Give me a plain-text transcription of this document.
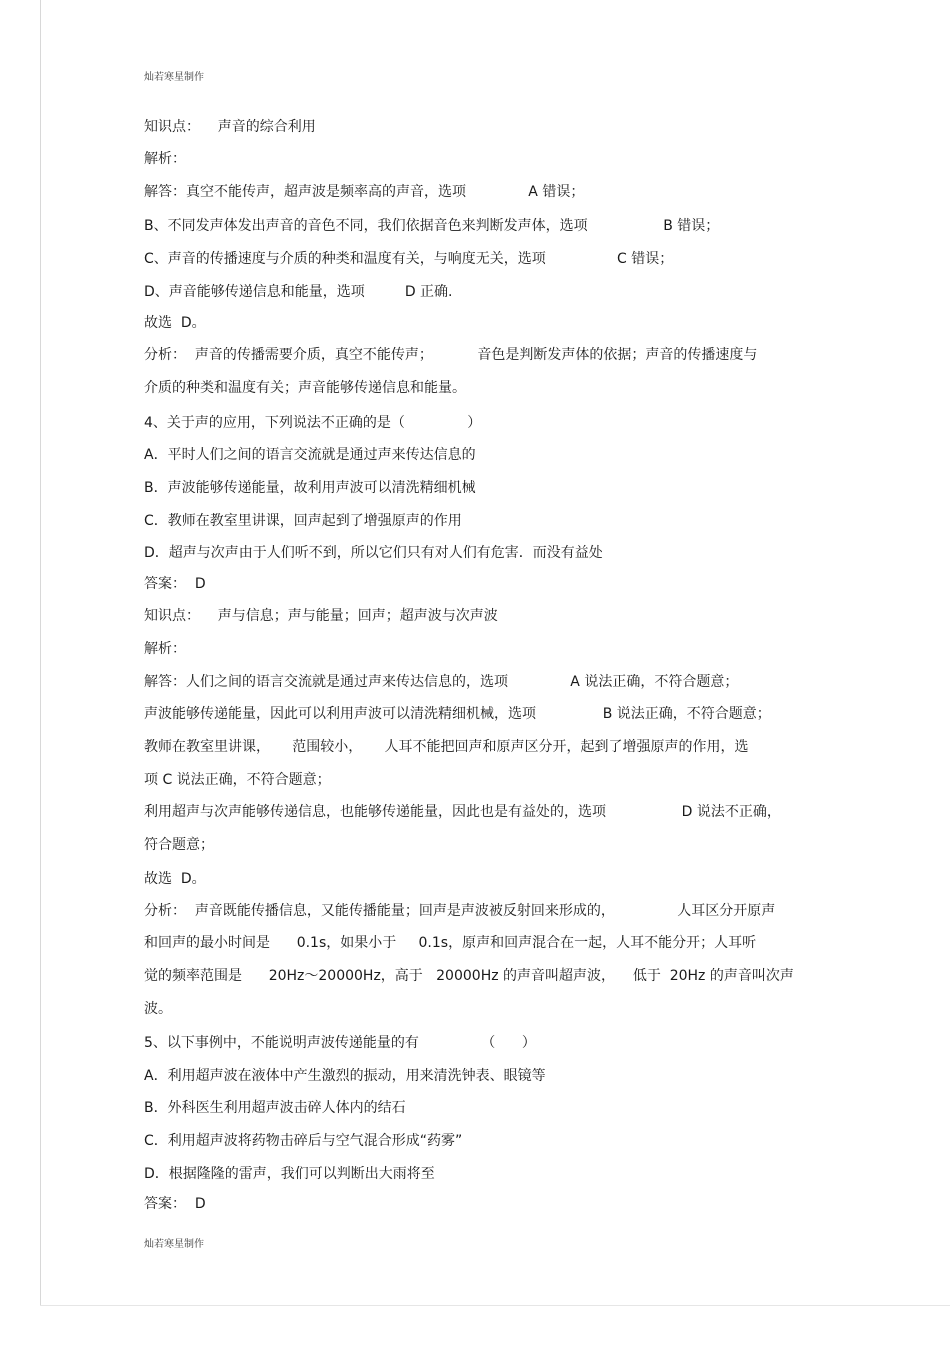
灿若寒星制作
知识点：    声音的综合利用
解析：
解答：真空不能传声，超声波是频率高的声音，选项              A 错误；
B、不同发声体发出声音的音色不同，我们依据音色来判断发声体，选项                 B 错误；
C、声音的传播速度与介质的种类和温度有关，与响度无关，选项                C 错误；
D、声音能够传递信息和能量，选项         D 正确.
故选  D。
分析：  声音的传播需要介质，真空不能传声；          音色是判断发声体的依据；声音的传播速度与
介质的种类和温度有关；声音能够传递信息和能量。
4、关于声的应用，下列说法不正确的是（              ）
A．平时人们之间的语言交流就是通过声来传达信息的
B．声波能够传递能量，故利用声波可以清洗精细机械
C．教师在教室里讲课，回声起到了增强原声的作用
D．超声与次声由于人们听不到，所以它们只有对人们有危害．而没有益处
答案：  D
知识点：    声与信息；声与能量；回声；超声波与次声波
解析：
解答：人们之间的语言交流就是通过声来传达信息的，选项              A 说法正确，不符合题意；
声波能够传递能量，因此可以利用声波可以清洗精细机械，选项               B 说法正确，不符合题意；
教师在教室里讲课，     范围较小，     人耳不能把回声和原声区分开，起到了增强原声的作用，选
项 C 说法正确，不符合题意；
利用超声与次声能够传递信息，也能够传递能量，因此也是有益处的，选项                 D 说法不正确，
符合题意；
故选  D。
分析：  声音既能传播信息，又能传播能量；回声是声波被反射回来形成的，              人耳区分开原声
和回声的最小时间是      0.1s，如果小于     0.1s，原声和回声混合在一起，人耳不能分开；人耳听
觉的频率范围是      20Hz～20000Hz，高于   20000Hz 的声音叫超声波，    低于  20Hz 的声音叫次声
波。
5、以下事例中，不能说明声波传递能量的有              （      ）
A．利用超声波在液体中产生激烈的振动，用来清洗钟表、眼镜等
B．外科医生利用超声波击碎人体内的结石
C．利用超声波将药物击碎后与空气混合形成“药雾”
D．根据隆隆的雷声，我们可以判断出大雨将至
答案：  D
灿若寒星制作
